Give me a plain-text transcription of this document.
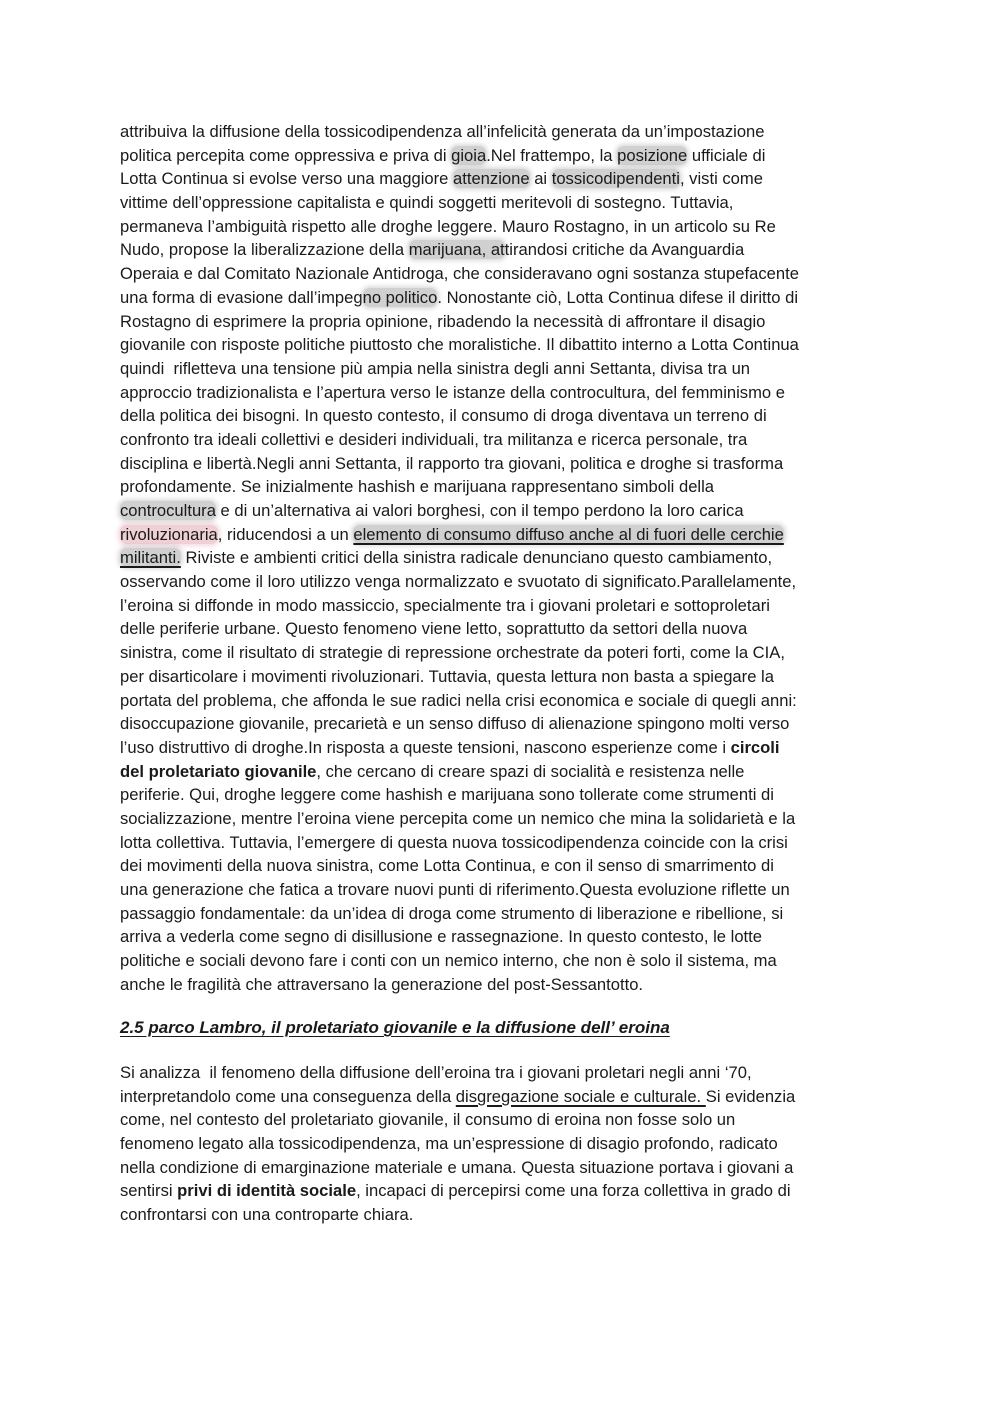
attribuiva la diffusione della tossicodipendenza all’infelicità generata da un’impostazione
politica percepita come oppressiva e priva di gioia.Nel frattempo, la posizione ufficiale di
Lotta Continua si evolse verso una maggiore attenzione ai tossicodipendenti, visti come
vittime dell’oppressione capitalista e quindi soggetti meritevoli di sostegno. Tuttavia,
permaneva l’ambiguità rispetto alle droghe leggere. Mauro Rostagno, in un articolo su Re
Nudo, propose la liberalizzazione della marijuana, attirandosi critiche da Avanguardia
Operaia e dal Comitato Nazionale Antidroga, che consideravano ogni sostanza stupefacente
una forma di evasione dall’impegno politico. Nonostante ciò, Lotta Continua difese il diritto di
Rostagno di esprimere la propria opinione, ribadendo la necessità di affrontare il disagio
giovanile con risposte politiche piuttosto che moralistiche. Il dibattito interno a Lotta Continua
quindi  rifletteva una tensione più ampia nella sinistra degli anni Settanta, divisa tra un
approccio tradizionalista e l’apertura verso le istanze della controcultura, del femminismo e
della politica dei bisogni. In questo contesto, il consumo di droga diventava un terreno di
confronto tra ideali collettivi e desideri individuali, tra militanza e ricerca personale, tra
disciplina e libertà.Negli anni Settanta, il rapporto tra giovani, politica e droghe si trasforma
profondamente. Se inizialmente hashish e marijuana rappresentano simboli della
controcultura e di un’alternativa ai valori borghesi, con il tempo perdono la loro carica
rivoluzionaria, riducendosi a un elemento di consumo diffuso anche al di fuori delle cerchie
militanti. Riviste e ambienti critici della sinistra radicale denunciano questo cambiamento,
osservando come il loro utilizzo venga normalizzato e svuotato di significato.Parallelamente,
l’eroina si diffonde in modo massiccio, specialmente tra i giovani proletari e sottoproletari
delle periferie urbane. Questo fenomeno viene letto, soprattutto da settori della nuova
sinistra, come il risultato di strategie di repressione orchestrate da poteri forti, come la CIA,
per disarticolare i movimenti rivoluzionari. Tuttavia, questa lettura non basta a spiegare la
portata del problema, che affonda le sue radici nella crisi economica e sociale di quegli anni:
disoccupazione giovanile, precarietà e un senso diffuso di alienazione spingono molti verso
l’uso distruttivo di droghe.In risposta a queste tensioni, nascono esperienze come i circoli
del proletariato giovanile, che cercano di creare spazi di socialità e resistenza nelle
periferie. Qui, droghe leggere come hashish e marijuana sono tollerate come strumenti di
socializzazione, mentre l’eroina viene percepita come un nemico che mina la solidarietà e la
lotta collettiva. Tuttavia, l’emergere di questa nuova tossicodipendenza coincide con la crisi
dei movimenti della nuova sinistra, come Lotta Continua, e con il senso di smarrimento di
una generazione che fatica a trovare nuovi punti di riferimento.Questa evoluzione riflette un
passaggio fondamentale: da un’idea di droga come strumento di liberazione e ribellione, si
arriva a vederla come segno di disillusione e rassegnazione. In questo contesto, le lotte
politiche e sociali devono fare i conti con un nemico interno, che non è solo il sistema, ma
anche le fragilità che attraversano la generazione del post-Sessantotto.
2.5 parco Lambro, il proletariato giovanile e la diffusione dell’ eroina
Si analizza  il fenomeno della diffusione dell’eroina tra i giovani proletari negli anni ‘70,
interpretandolo come una conseguenza della disgregazione sociale e culturale. Si evidenzia
come, nel contesto del proletariato giovanile, il consumo di eroina non fosse solo un
fenomeno legato alla tossicodipendenza, ma un’espressione di disagio profondo, radicato
nella condizione di emarginazione materiale e umana. Questa situazione portava i giovani a
sentirsi privi di identità sociale, incapaci di percepirsi come una forza collettiva in grado di
confrontarsi con una controparte chiara.
